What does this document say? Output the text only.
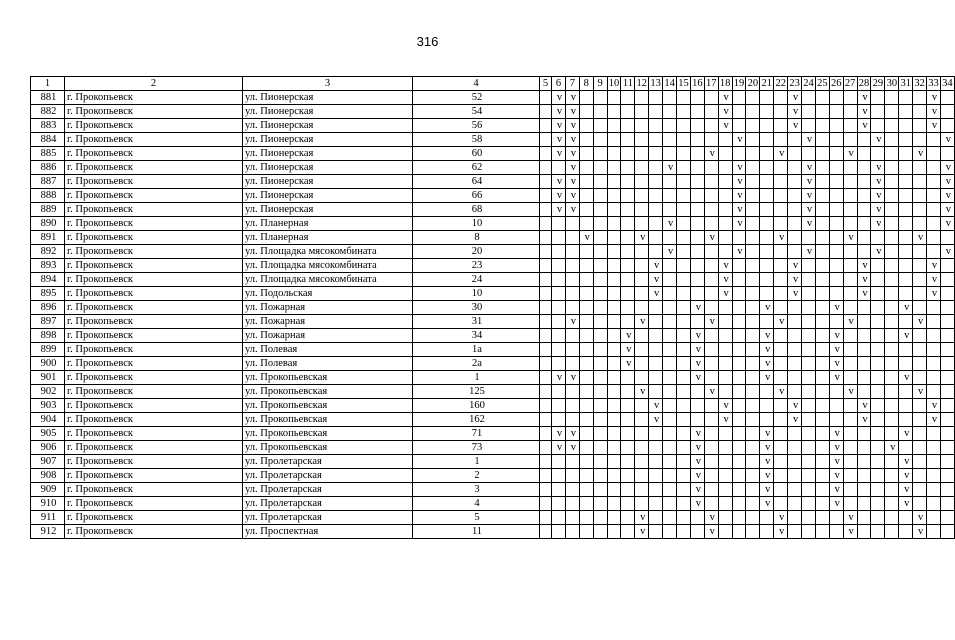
316
1	2	3	4	5	6	7	8	9	10	11	12	13	14	15	16	17	18	19	20	21	22	23	24	25	26	27	28	29	30	31	32	33	34
881	г. Прокопьевск	ул. Пионерская	52		v	v											v					v					v					v	
882	г. Прокопьевск	ул. Пионерская	54		v	v											v					v					v					v	
883	г. Прокопьевск	ул. Пионерская	56		v	v											v					v					v					v	
884	г. Прокопьевск	ул. Пионерская	58		v	v												v					v					v					v
885	г. Прокопьевск	ул. Пионерская	60		v	v										v					v					v					v		
886	г. Прокопьевск	ул. Пионерская	62			v							v					v					v					v					v
887	г. Прокопьевск	ул. Пионерская	64		v	v												v					v					v					v
888	г. Прокопьевск	ул. Пионерская	66		v	v												v					v					v					v
889	г. Прокопьевск	ул. Пионерская	68		v	v												v					v					v					v
890	г. Прокопьевск	ул. Планерная	10										v					v					v					v					v
891	г. Прокопьевск	ул. Планерная	8				v				v					v					v					v					v		
892	г. Прокопьевск	ул. Площадка мясокомбината	20										v					v					v					v					v
893	г. Прокопьевск	ул. Площадка мясокомбината	23									v					v					v					v					v	
894	г. Прокопьевск	ул. Площадка мясокомбината	24									v					v					v					v					v	
895	г. Прокопьевск	ул. Подольская	10									v					v					v					v					v	
896	г. Прокопьевск	ул. Пожарная	30												v					v					v					v			
897	г. Прокопьевск	ул. Пожарная	31			v					v					v					v					v					v		
898	г. Прокопьевск	ул. Пожарная	34							v					v					v					v					v			
899	г. Прокопьевск	ул. Полевая	1а							v					v					v					v								
900	г. Прокопьевск	ул. Полевая	2а							v					v					v					v								
901	г. Прокопьевск	ул. Прокопьевская	1		v	v									v					v					v					v			
902	г. Прокопьевск	ул. Прокопьевская	125								v					v					v					v					v		
903	г. Прокопьевск	ул. Прокопьевская	160									v					v					v					v					v	
904	г. Прокопьевск	ул. Прокопьевская	162									v					v					v					v					v	
905	г. Прокопьевск	ул. Прокопьевская	71		v	v									v					v					v					v			
906	г. Прокопьевск	ул. Прокопьевская	73		v	v									v					v					v				v				
907	г. Прокопьевск	ул. Пролетарская	1												v					v					v					v			
908	г. Прокопьевск	ул. Пролетарская	2												v					v					v					v			
909	г. Прокопьевск	ул. Пролетарская	3												v					v					v					v			
910	г. Прокопьевск	ул. Пролетарская	4												v					v					v					v			
911	г. Прокопьевск	ул. Пролетарская	5								v					v					v					v					v		
912	г. Прокопьевск	ул. Проспектная	11								v					v					v					v					v		
